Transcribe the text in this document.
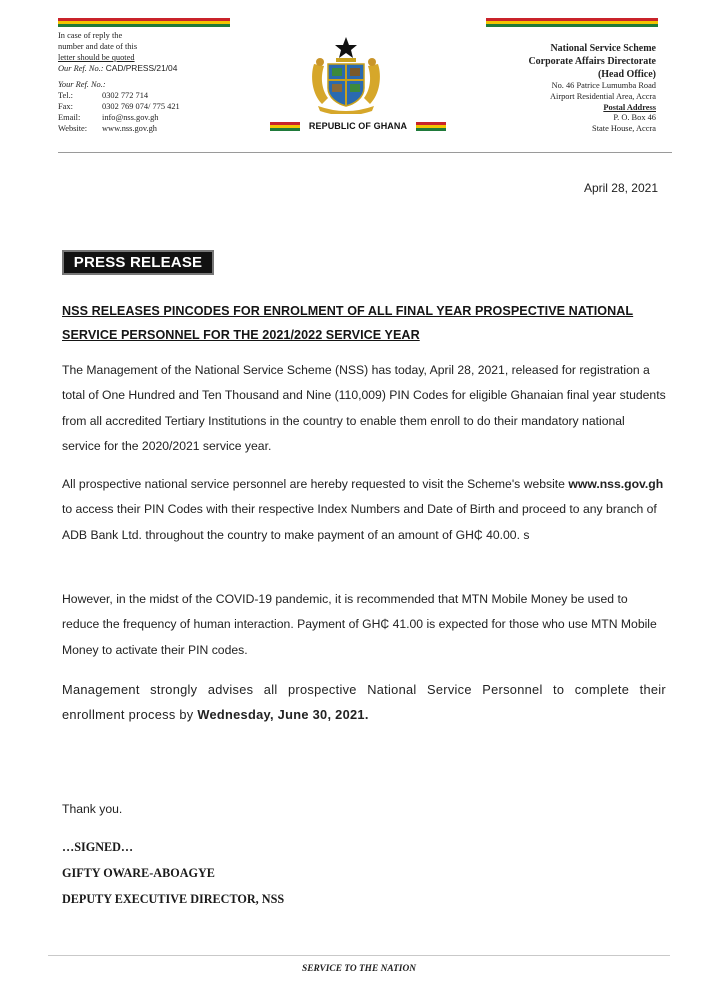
In case of reply the
number and date of this
letter should be quoted
Our Ref. No.: CAD/PRESS/21/04
Your Ref. No.:
Tel.:	0302 772 714
Fax:	0302 769 074/ 775 421
Email:	info@nss.gov.gh
Website:	www.nss.gov.gh	REPUBLIC OF GHANA
National Service Scheme
Corporate Affairs Directorate
(Head Office)
No. 46 Patrice Lumumba Road
Airport Residential Area, Accra
Postal Address
P. O. Box 46
State House, Accra
April 28, 2021
PRESS RELEASE
NSS RELEASES PINCODES FOR ENROLMENT OF ALL FINAL YEAR PROSPECTIVE NATIONAL SERVICE PERSONNEL FOR THE 2021/2022 SERVICE YEAR
The Management of the National Service Scheme (NSS) has today, April 28, 2021, released for registration a total of One Hundred and Ten Thousand and Nine (110,009) PIN Codes for eligible Ghanaian final year students from all accredited Tertiary Institutions in the country to enable them enroll to do their mandatory national service for the 2020/2021 service year.
All prospective national service personnel are hereby requested to visit the Scheme's website www.nss.gov.gh to access their PIN Codes with their respective Index Numbers and Date of Birth and proceed to any branch of ADB Bank Ltd. throughout the country to make payment of an amount of GH₵ 40.00. s
However, in the midst of the COVID-19 pandemic, it is recommended that MTN Mobile Money be used to reduce the frequency of human interaction. Payment of GH₵ 41.00 is expected for those who use MTN Mobile Money to activate their PIN codes.
Management strongly advises all prospective National Service Personnel to complete their enrollment process by Wednesday, June 30, 2021.
Thank you.
…SIGNED…
GIFTY OWARE-ABOAGYE
DEPUTY EXECUTIVE DIRECTOR, NSS
SERVICE TO THE NATION
